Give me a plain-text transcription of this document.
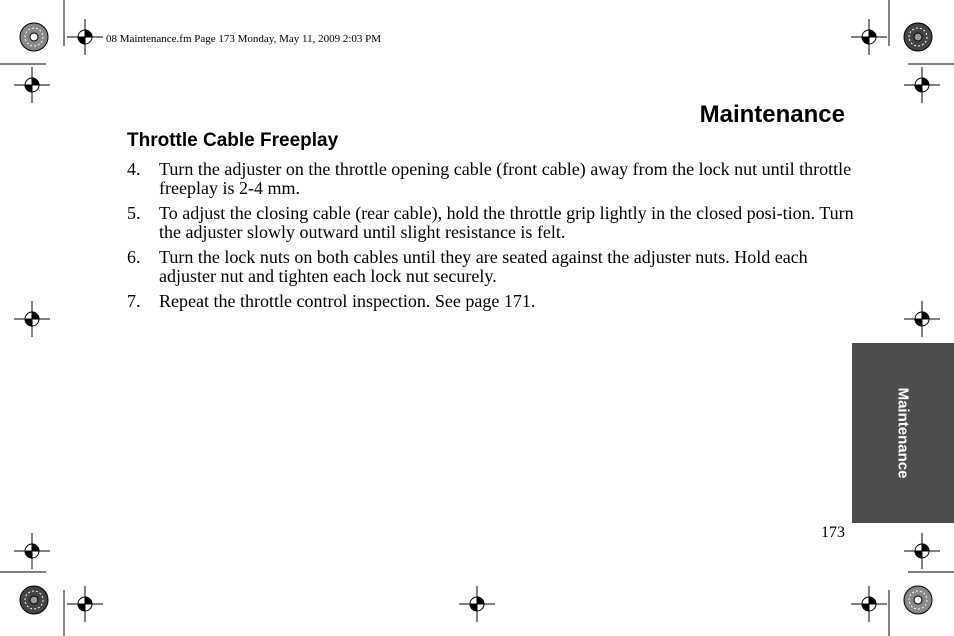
08 Maintenance.fm Page 173 Monday, May 11, 2009 2:03 PM
Maintenance
Throttle Cable Freeplay
4. Turn the adjuster on the throttle opening cable (front cable) away from the lock nut until throttle freeplay is 2-4 mm.
5. To adjust the closing cable (rear cable), hold the throttle grip lightly in the closed posi-tion. Turn the adjuster slowly outward until slight resistance is felt.
6. Turn the lock nuts on both cables until they are seated against the adjuster nuts. Hold each adjuster nut and tighten each lock nut securely.
7. Repeat the throttle control inspection. See page 171.
Maintenance
173
